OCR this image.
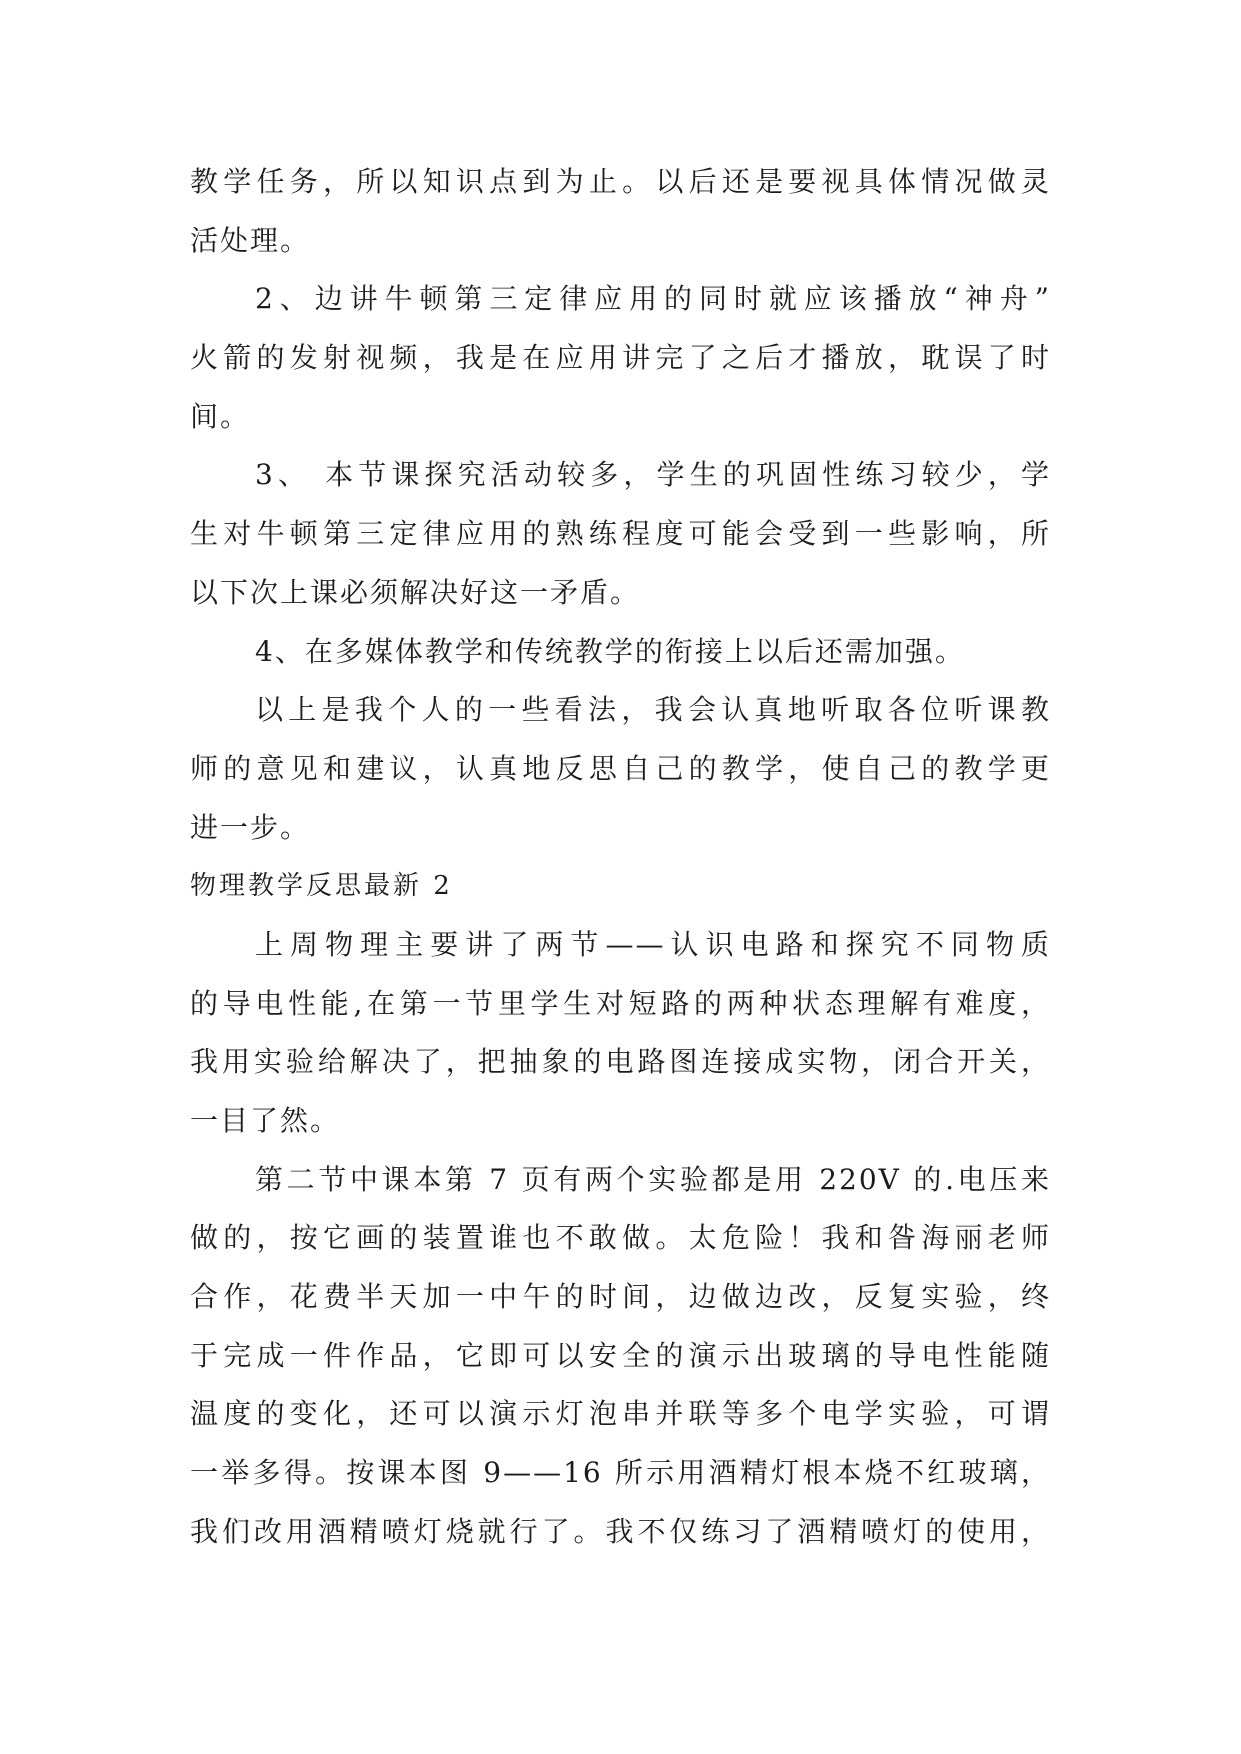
教学任务，所以知识点到为止。以后还是要视具体情况做灵
活处理。
2、边讲牛顿第三定律应用的同时就应该播放“神舟”
火箭的发射视频，我是在应用讲完了之后才播放，耽误了时
间。
3、 本节课探究活动较多，学生的巩固性练习较少，学
生对牛顿第三定律应用的熟练程度可能会受到一些影响，所
以下次上课必须解决好这一矛盾。
4、在多媒体教学和传统教学的衔接上以后还需加强。
以上是我个人的一些看法，我会认真地听取各位听课教
师的意见和建议，认真地反思自己的教学，使自己的教学更
进一步。
物理教学反思最新 2
上周物理主要讲了两节——认识电路和探究不同物质
的导电性能,在第一节里学生对短路的两种状态理解有难度，
我用实验给解决了，把抽象的电路图连接成实物，闭合开关，
一目了然。
第二节中课本第 7 页有两个实验都是用 220V 的.电压来
做的，按它画的装置谁也不敢做。太危险！我和昝海丽老师
合作，花费半天加一中午的时间，边做边改，反复实验，终
于完成一件作品，它即可以安全的演示出玻璃的导电性能随
温度的变化，还可以演示灯泡串并联等多个电学实验，可谓
一举多得。按课本图 9——16 所示用酒精灯根本烧不红玻璃，
我们改用酒精喷灯烧就行了。我不仅练习了酒精喷灯的使用，
